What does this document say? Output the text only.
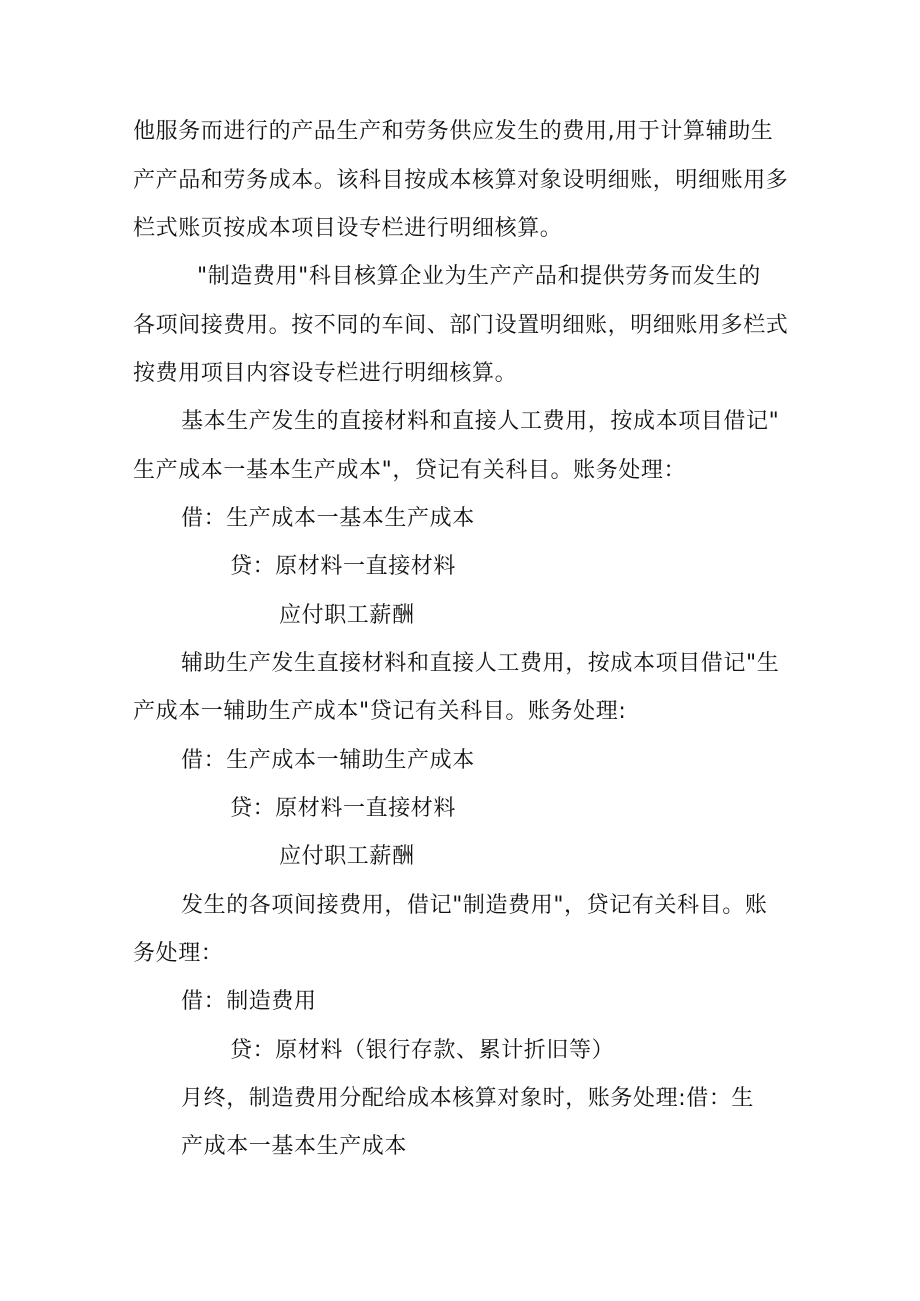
他服务而进行的产品生产和劳务供应发生的费用,用于计算辅助生
产产品和劳务成本。该科目按成本核算对象设明细账，明细账用多
栏式账页按成本项目设专栏进行明细核算。
"制造费用"科目核算企业为生产产品和提供劳务而发生的
各项间接费用。按不同的车间、部门设置明细账，明细账用多栏式
按费用项目内容设专栏进行明细核算。
基本生产发生的直接材料和直接人工费用，按成本项目借记"
生产成本一基本生产成本"，贷记有关科目。账务处理：
借：生产成本一基本生产成本
贷：原材料一直接材料
应付职工薪酬
辅助生产发生直接材料和直接人工费用，按成本项目借记"生
产成本一辅助生产成本"贷记有关科目。账务处理:
借：生产成本一辅助生产成本
贷：原材料一直接材料
应付职工薪酬
发生的各项间接费用，借记"制造费用"，贷记有关科目。账
务处理：
借：制造费用
贷：原材料（银行存款、累计折旧等）
月终，制造费用分配给成本核算对象时，账务处理:借：生
产成本一基本生产成本
